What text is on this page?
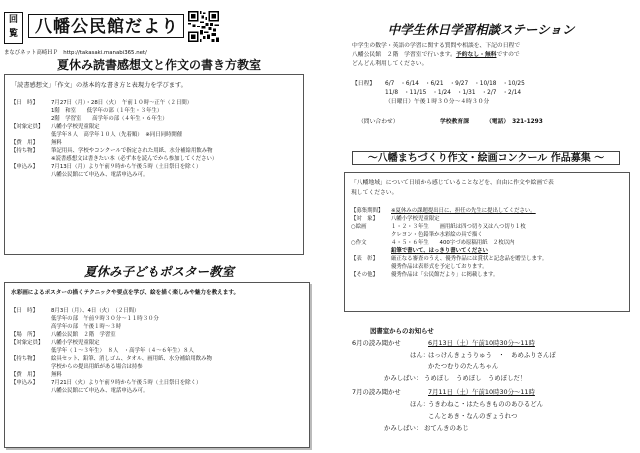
回
覧	八幡公民館だより
まなびネット高崎ＨＰ　http://takasaki.manabi365.net/
夏休み読書感想文と作文の書き方教室
「読書感想文」「作文」の基本的な書き方と表現力を学びます。
【日　時】	7月27日（月）・28日（火）　午前１０時～正午（２日間）
1階　和室　　低学年の部（１年生・３年生）
2階　学習室　　高学年の部（４年生・６年生）

【対象定員】	八幡小学校児童限定
低学年８人　高学年１０人（先着順）　※同日同時開催

【費　用】	無料

【持ち物】	筆記用具、学校やコンクールで指定された用紙、水分補給用飲み物
※読書感想文は書きたい本（必ず本を読んでから参加してください）

【申込み】	7月13日（月）より午前９時から午後５時（土日祭日を除く）
八幡公民館にて申込み、電話申込み可。
夏休み子どもポスター教室
水彩画によるポスターの描くテクニックや要点を学び、絵を描く楽しみや魅力を教えます。
【日　時】	8月3日（月）、4日（火）　（２日間）
低学年の部　午前９時３０分～１１時３０分
高学年の部　午後１時～３時

【場　所】	八幡公民館　２階　学習室

【対象定員】	八幡小学校児童限定
低学年（１～３年生）　８人　・高学年（４～６年生）８人

【持ち物】	絵具セット、鉛筆、消しゴム、タオル、画用紙、水分補給用飲み物
学校からの提出用紙がある場合は持参

【費　用】	無料

【申込み】	7月21日（火）より午前９時から午後５時（土日祭日を除く）
八幡公民館にて申込み、電話申込み可。
中学生休日学習相談ステーション
中学生の数学・英語の学習に関する質問や相談を、下記の日程で
八幡公民館　２階　学習室で行います。予約なし・無料ですので
どんどん利用してください。
【日程】 6/7　・6/14　・6/21　・9/27　・10/18　・10/25
11/8　・11/15　・1/24　・1/31　・2/7　・2/14
（日曜日）午後１時３０分～４時３０分
（問い合わせ）	学校教育課	（電話）　321-1293
～八幡まちづくり作文・絵画コンクール 作品募集 ～
「八幡地域」について日頃から感じていることなどを、自由に作文や絵画で表
現してください。
【募集期間】	※夏休みの課題提出日に、担任の先生に提出してください。

【対　象】	八幡小学校児童限定

○絵画	１・２・３年生　　画用紙は四つ切り又は八つ切り１枚
クレヨン・色鉛筆か水彩絵の具で描く

○作文	４・５・６年生　　400字づめ原稿用紙　２枚以内
鉛筆で書いて、はっきり書いてください

【表　彰】	厳正なる審査のうえ、優秀作品には賞状と記念品を贈呈します。
優秀作品は表彰式を予定しております。

【その他】	優秀作品は「公民館だより」に掲載します。
図書室からのお知らせ
6月の読み聞かせ	6月13日（土）午前10時30分～11時
はん：
はっけんきょうりゅう　・　あめふりさんぽ
かたつむりのたんちゃん
かみしばい： うめぼし　うめぼし　うめぼしだ！
7月の読み聞かせ	7月11日（土）午前10時30分～11時
ほん：
うきわねこ・はたらきもののあひるどん
こんとあき・なんのぎょうれつ
かみしばい： おてんきのあじ
